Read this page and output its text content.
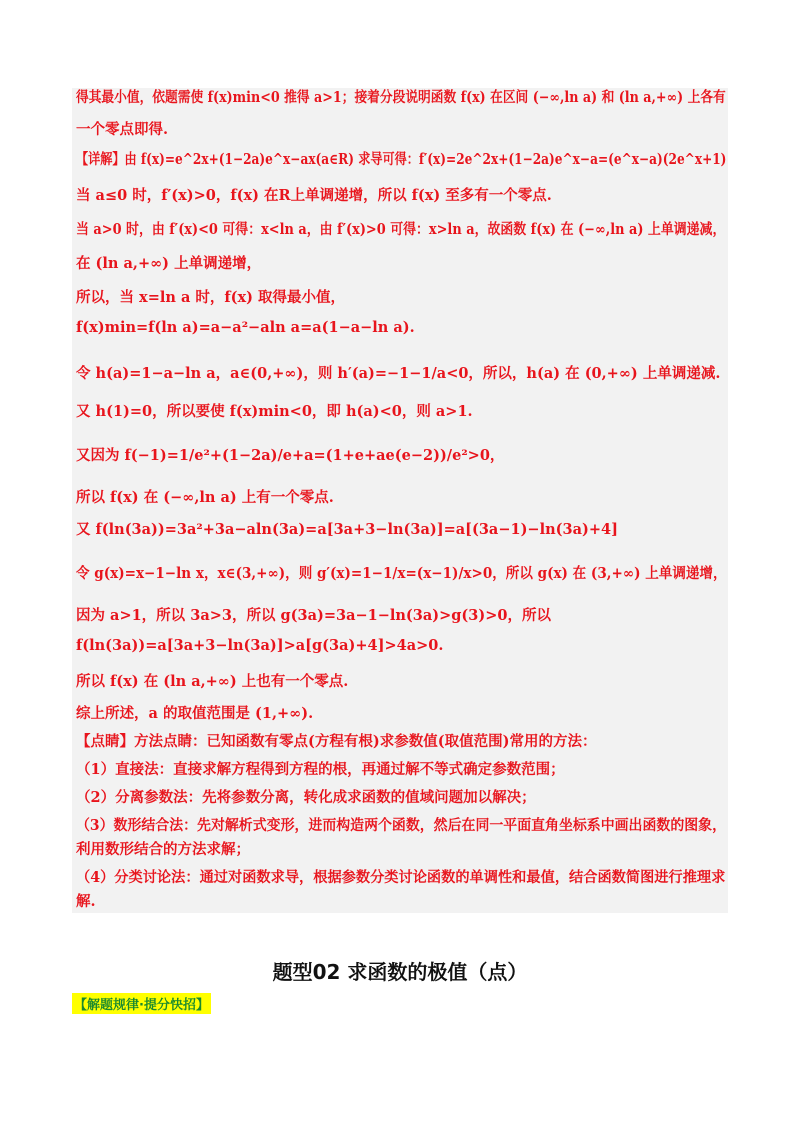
得其最小值，依题需使 f(x)min<0 推得 a>1；接着分段说明函数 f(x) 在区间 (−∞,ln a) 和 (ln a,+∞) 上各有
一个零点即得.
【详解】由 f(x)=e^2x+(1−2a)e^x−ax(a∈R) 求导可得：f′(x)=2e^2x+(1−2a)e^x−a=(e^x−a)(2e^x+1)
当 a≤0 时，f′(x)>0，f(x) 在R上单调递增，所以 f(x) 至多有一个零点.
当 a>0 时，由 f′(x)<0 可得：x<ln a，由 f′(x)>0 可得：x>ln a，故函数 f(x) 在 (−∞,ln a) 上单调递减，
在 (ln a,+∞) 上单调递增，
所以，当 x=ln a 时，f(x) 取得最小值，
f(x)min=f(ln a)=a−a²−aln a=a(1−a−ln a).
令 h(a)=1−a−ln a，a∈(0,+∞)，则 h′(a)=−1−1/a<0，所以，h(a) 在 (0,+∞) 上单调递减.
又 h(1)=0，所以要使 f(x)min<0，即 h(a)<0，则 a>1.
又因为 f(−1)=1/e²+(1−2a)/e+a=(1+e+ae(e−2))/e²>0，
所以 f(x) 在 (−∞,ln a) 上有一个零点.
又 f(ln(3a))=3a²+3a−aln(3a)=a[3a+3−ln(3a)]=a[(3a−1)−ln(3a)+4]
令 g(x)=x−1−ln x，x∈(3,+∞)，则 g′(x)=1−1/x=(x−1)/x>0，所以 g(x) 在 (3,+∞) 上单调递增，
因为 a>1，所以 3a>3，所以 g(3a)=3a−1−ln(3a)>g(3)>0，所以
f(ln(3a))=a[3a+3−ln(3a)]>a[g(3a)+4]>4a>0.
所以 f(x) 在 (ln a,+∞) 上也有一个零点.
综上所述，a 的取值范围是 (1,+∞).
【点睛】方法点睛：已知函数有零点(方程有根)求参数值(取值范围)常用的方法：
（1）直接法：直接求解方程得到方程的根，再通过解不等式确定参数范围；
（2）分离参数法：先将参数分离，转化成求函数的值域问题加以解决；
（3）数形结合法：先对解析式变形，进而构造两个函数，然后在同一平面直角坐标系中画出函数的图象，
利用数形结合的方法求解；
（4）分类讨论法：通过对函数求导，根据参数分类讨论函数的单调性和最值，结合函数简图进行推理求
解.
题型02 求函数的极值（点）
【解题规律·提分快招】
